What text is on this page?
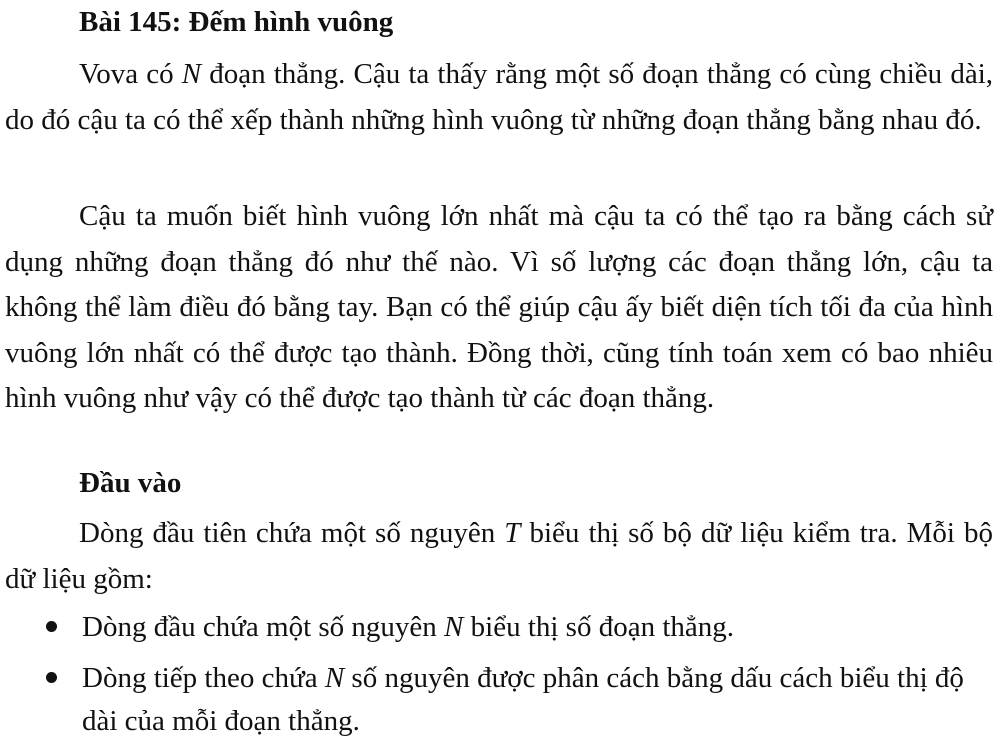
Bài 145: Đếm hình vuông

Vova có N đoạn thẳng. Cậu ta thấy rằng một số đoạn thẳng có cùng chiều dài, do đó cậu ta có thể xếp thành những hình vuông từ những đoạn thẳng bằng nhau đó.

Cậu ta muốn biết hình vuông lớn nhất mà cậu ta có thể tạo ra bằng cách sử dụng những đoạn thẳng đó như thế nào. Vì số lượng các đoạn thẳng lớn, cậu ta không thể làm điều đó bằng tay. Bạn có thể giúp cậu ấy biết diện tích tối đa của hình vuông lớn nhất có thể được tạo thành. Đồng thời, cũng tính toán xem có bao nhiêu hình vuông như vậy có thể được tạo thành từ các đoạn thẳng.

Đầu vào

Dòng đầu tiên chứa một số nguyên T biểu thị số bộ dữ liệu kiểm tra. Mỗi bộ dữ liệu gồm:

Dòng đầu chứa một số nguyên N biểu thị số đoạn thẳng.
Dòng tiếp theo chứa N số nguyên được phân cách bằng dấu cách biểu thị độ dài của mỗi đoạn thẳng.
